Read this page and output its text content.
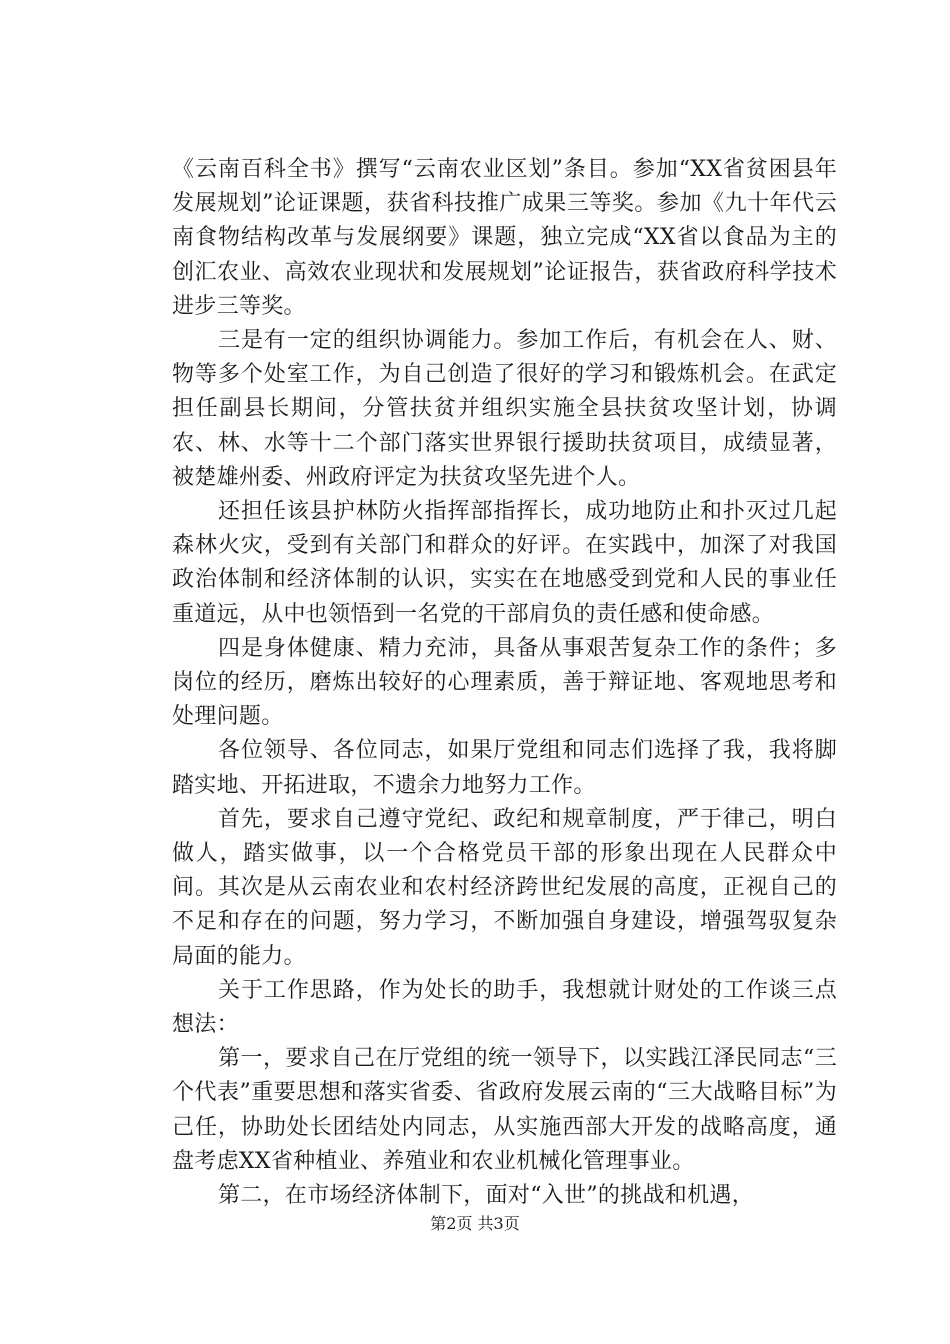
《云南百科全书》撰写“云南农业区划”条目。参加“XX省贫困县年发展规划”论证课题，获省科技推广成果三等奖。参加《九十年代云南食物结构改革与发展纲要》课题，独立完成“XX省以食品为主的创汇农业、高效农业现状和发展规划”论证报告，获省政府科学技术进步三等奖。

三是有一定的组织协调能力。参加工作后，有机会在人、财、物等多个处室工作，为自己创造了很好的学习和锻炼机会。在武定担任副县长期间，分管扶贫并组织实施全县扶贫攻坚计划，协调农、林、水等十二个部门落实世界银行援助扶贫项目，成绩显著，被楚雄州委、州政府评定为扶贫攻坚先进个人。

还担任该县护林防火指挥部指挥长，成功地防止和扑灭过几起森林火灾，受到有关部门和群众的好评。在实践中，加深了对我国政治体制和经济体制的认识，实实在在地感受到党和人民的事业任重道远，从中也领悟到一名党的干部肩负的责任感和使命感。

四是身体健康、精力充沛，具备从事艰苦复杂工作的条件；多岗位的经历，磨炼出较好的心理素质，善于辩证地、客观地思考和处理问题。

各位领导、各位同志，如果厅党组和同志们选择了我，我将脚踏实地、开拓进取，不遗余力地努力工作。

首先，要求自己遵守党纪、政纪和规章制度，严于律己，明白做人，踏实做事，以一个合格党员干部的形象出现在人民群众中间。其次是从云南农业和农村经济跨世纪发展的高度，正视自己的不足和存在的问题，努力学习，不断加强自身建设，增强驾驭复杂局面的能力。

关于工作思路，作为处长的助手，我想就计财处的工作谈三点想法：

第一，要求自己在厅党组的统一领导下，以实践江泽民同志“三个代表”重要思想和落实省委、省政府发展云南的“三大战略目标”为己任，协助处长团结处内同志，从实施西部大开发的战略高度，通盘考虑XX省种植业、养殖业和农业机械化管理事业。

第二，在市场经济体制下，面对“入世”的挑战和机遇，

第2页 共3页
